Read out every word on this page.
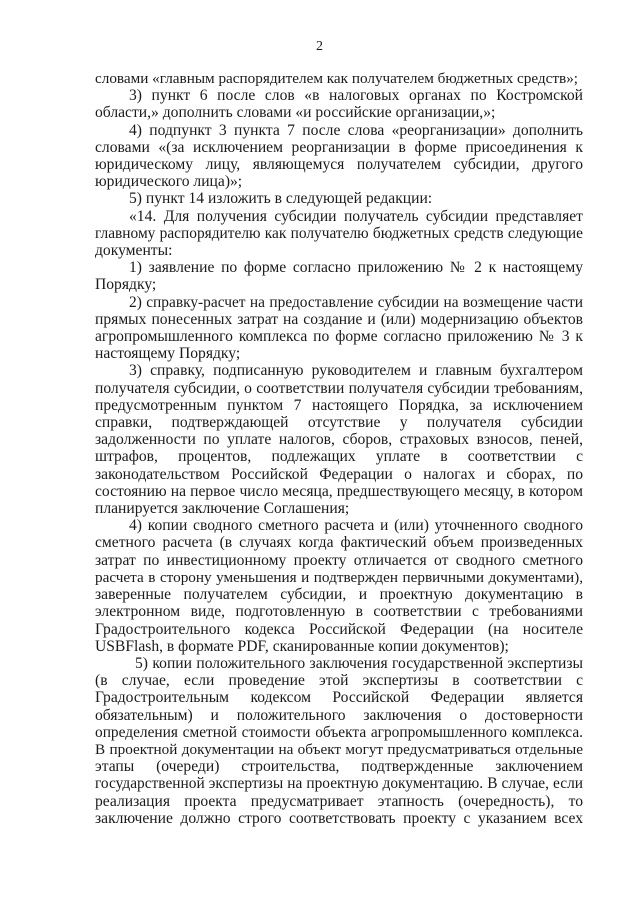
2
словами «главным распорядителем как получателем бюджетных средств»;
3) пункт 6 после слов «в налоговых органах по Костромской
области,» дополнить словами «и российские организации,»;
4) подпункт 3 пункта 7 после слова «реорганизации» дополнить
словами «(за исключением реорганизации в форме присоединения к
юридическому лицу, являющемуся получателем субсидии, другого
юридического лица)»;
5) пункт 14 изложить в следующей редакции:
«14. Для получения субсидии получатель субсидии представляет
главному распорядителю как получателю бюджетных средств следующие
документы:
1) заявление по форме согласно приложению № 2 к настоящему
Порядку;
2) справку-расчет на предоставление субсидии на возмещение части
прямых понесенных затрат на создание и (или) модернизацию объектов
агропромышленного комплекса по форме согласно приложению № 3 к
настоящему Порядку;
3) справку, подписанную руководителем и главным бухгалтером
получателя субсидии, о соответствии получателя субсидии требованиям,
предусмотренным пунктом 7 настоящего Порядка, за исключением
справки, подтверждающей отсутствие у получателя субсидии
задолженности по уплате налогов, сборов, страховых взносов, пеней,
штрафов, процентов, подлежащих уплате в соответствии с
законодательством Российской Федерации о налогах и сборах, по
состоянию на первое число месяца, предшествующего месяцу, в котором
планируется заключение Соглашения;
4) копии сводного сметного расчета и (или) уточненного сводного
сметного расчета (в случаях когда фактический объем произведенных
затрат по инвестиционному проекту отличается от сводного сметного
расчета в сторону уменьшения и подтвержден первичными документами),
заверенные получателем субсидии, и проектную документацию в
электронном виде, подготовленную в соответствии с требованиями
Градостроительного кодекса Российской Федерации (на носителе
USBFlash, в формате PDF, сканированные копии документов);
5) копии положительного заключения государственной экспертизы
(в случае, если проведение этой экспертизы в соответствии с
Градостроительным кодексом Российской Федерации является
обязательным) и положительного заключения о достоверности
определения сметной стоимости объекта агропромышленного комплекса.
В проектной документации на объект могут предусматриваться отдельные
этапы (очереди) строительства, подтвержденные заключением
государственной экспертизы на проектную документацию. В случае, если
реализация проекта предусматривает этапность (очередность), то
заключение должно строго соответствовать проекту с указанием всех
